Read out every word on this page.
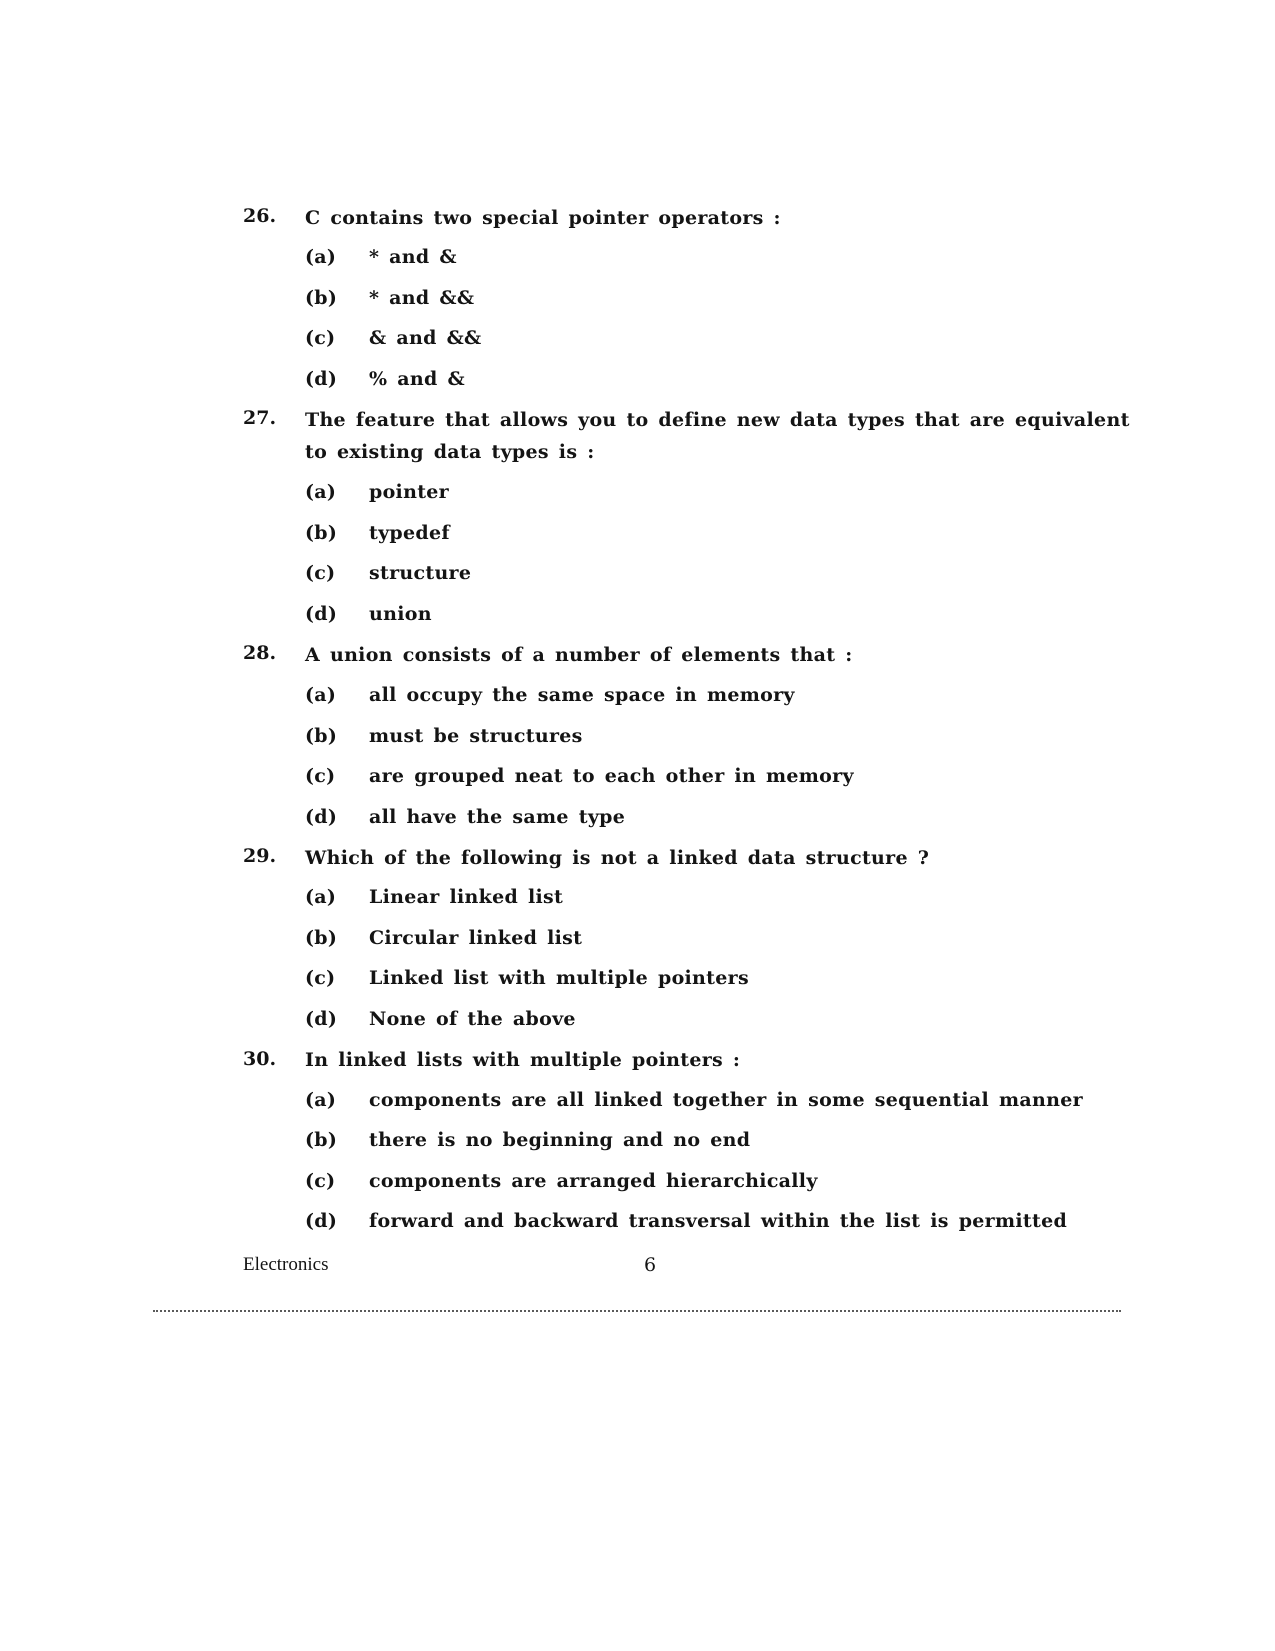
26. C contains two special pointer operators :
(a) * and &
(b) * and &&
(c) & and &&
(d) % and &
27. The feature that allows you to define new data types that are equivalent
to existing data types is :
(a) pointer
(b) typedef
(c) structure
(d) union
28. A union consists of a number of elements that :
(a) all occupy the same space in memory
(b) must be structures
(c) are grouped neat to each other in memory
(d) all have the same type
29. Which of the following is not a linked data structure ?
(a) Linear linked list
(b) Circular linked list
(c) Linked list with multiple pointers
(d) None of the above
30. In linked lists with multiple pointers :
(a) components are all linked together in some sequential manner
(b) there is no beginning and no end
(c) components are arranged hierarchically
(d) forward and backward transversal within the list is permitted
Electronics	6
